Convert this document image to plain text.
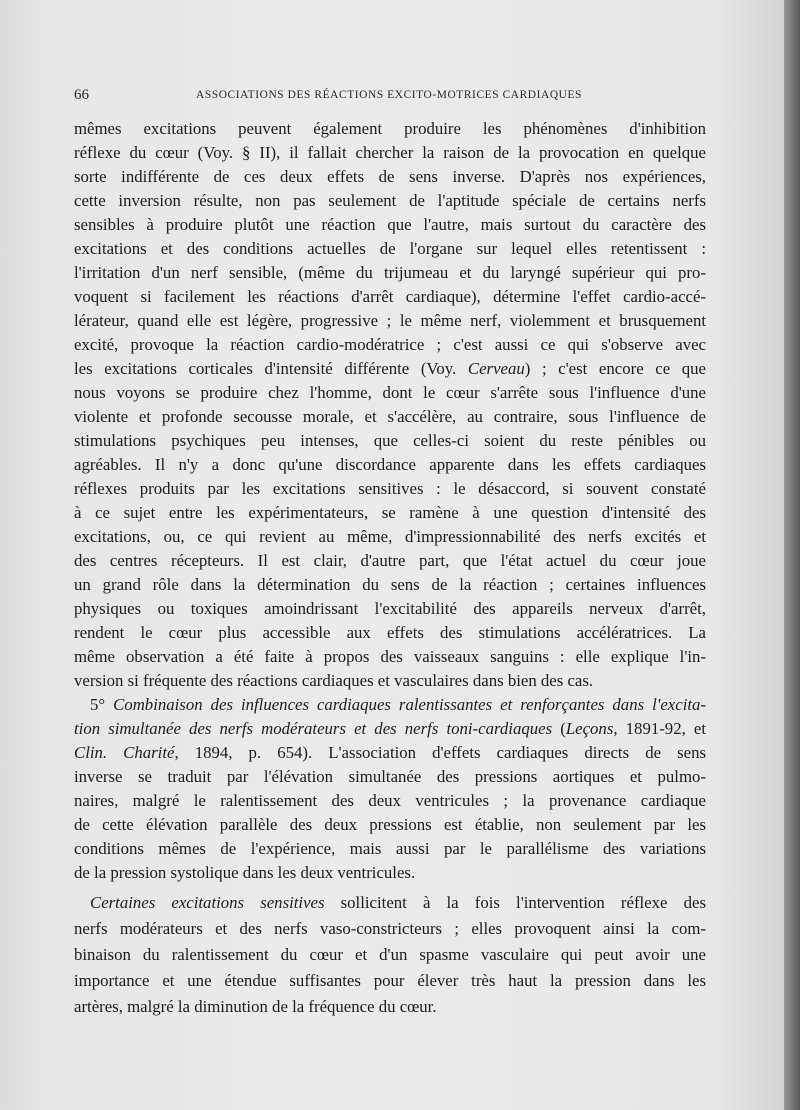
66	ASSOCIATIONS DES RÉACTIONS EXCITO-MOTRICES CARDIAQUES
mêmes excitations peuvent également produire les phénomènes d'inhibition
réflexe du cœur (Voy. § II), il fallait chercher la raison de la provocation en quelque
sorte indifférente de ces deux effets de sens inverse. D'après nos expériences,
cette inversion résulte, non pas seulement de l'aptitude spéciale de certains nerfs
sensibles à produire plutôt une réaction que l'autre, mais surtout du caractère des
excitations et des conditions actuelles de l'organe sur lequel elles retentissent :
l'irritation d'un nerf sensible, (même du trijumeau et du laryngé supérieur qui pro-
voquent si facilement les réactions d'arrêt cardiaque), détermine l'effet cardio-accé-
lérateur, quand elle est légère, progressive ; le même nerf, violemment et brusquement
excité, provoque la réaction cardio-modératrice ; c'est aussi ce qui s'observe avec
les excitations corticales d'intensité différente (Voy. Cerveau) ; c'est encore ce que
nous voyons se produire chez l'homme, dont le cœur s'arrête sous l'influence d'une
violente et profonde secousse morale, et s'accélère, au contraire, sous l'influence de
stimulations psychiques peu intenses, que celles-ci soient du reste pénibles ou
agréables. Il n'y a donc qu'une discordance apparente dans les effets cardiaques
réflexes produits par les excitations sensitives : le désaccord, si souvent constaté
à ce sujet entre les expérimentateurs, se ramène à une question d'intensité des
excitations, ou, ce qui revient au même, d'impressionnabilité des nerfs excités et
des centres récepteurs. Il est clair, d'autre part, que l'état actuel du cœur joue
un grand rôle dans la détermination du sens de la réaction ; certaines influences
physiques ou toxiques amoindrissant l'excitabilité des appareils nerveux d'arrêt,
rendent le cœur plus accessible aux effets des stimulations accélératrices. La
même observation a été faite à propos des vaisseaux sanguins : elle explique l'in-
version si fréquente des réactions cardiaques et vasculaires dans bien des cas.
5° Combinaison des influences cardiaques ralentissantes et renforçantes dans l'excita-
tion simultanée des nerfs modérateurs et des nerfs toni-cardiaques (Leçons, 1891-92, et
Clin. Charité, 1894, p. 654). L'association d'effets cardiaques directs de sens
inverse se traduit par l'élévation simultanée des pressions aortiques et pulmo-
naires, malgré le ralentissement des deux ventricules ; la provenance cardiaque
de cette élévation parallèle des deux pressions est établie, non seulement par les
conditions mêmes de l'expérience, mais aussi par le parallélisme des variations
de la pression systolique dans les deux ventricules.
Certaines excitations sensitives sollicitent à la fois l'intervention réflexe des
nerfs modérateurs et des nerfs vaso-constricteurs ; elles provoquent ainsi la com-
binaison du ralentissement du cœur et d'un spasme vasculaire qui peut avoir une
importance et une étendue suffisantes pour élever très haut la pression dans les
artères, malgré la diminution de la fréquence du cœur.
